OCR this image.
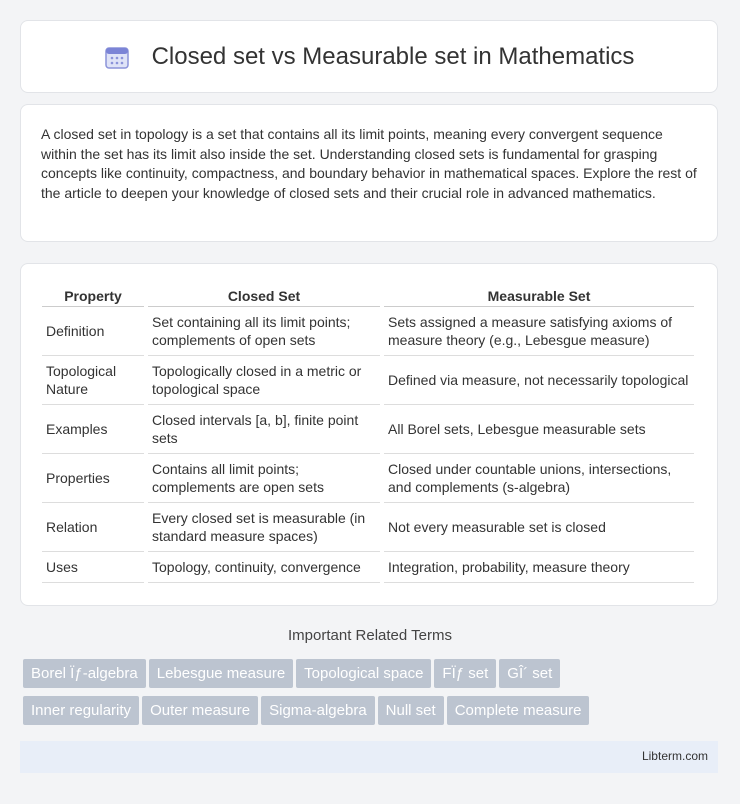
Closed set vs Measurable set in Mathematics

A closed set in topology is a set that contains all its limit points, meaning every convergent sequence within the set has its limit also inside the set. Understanding closed sets is fundamental for grasping concepts like continuity, compactness, and boundary behavior in mathematical spaces. Explore the rest of the article to deepen your knowledge of closed sets and their crucial role in advanced mathematics.

Property	Closed Set	Measurable Set
Definition	Set containing all its limit points; complements of open sets	Sets assigned a measure satisfying axioms of measure theory (e.g., Lebesgue measure)
Topological Nature	Topologically closed in a metric or topological space	Defined via measure, not necessarily topological
Examples	Closed intervals [a, b], finite point sets	All Borel sets, Lebesgue measurable sets
Properties	Contains all limit points; complements are open sets	Closed under countable unions, intersections, and complements (s-algebra)
Relation	Every closed set is measurable (in standard measure spaces)	Not every measurable set is closed
Uses	Topology, continuity, convergence	Integration, probability, measure theory
Important Related Terms
Borel Ïƒ-algebra Lebesgue measure Topological space FÏƒ set GÎ´ set
Inner regularity Outer measure Sigma-algebra Null set Complete measure
Libterm.com
